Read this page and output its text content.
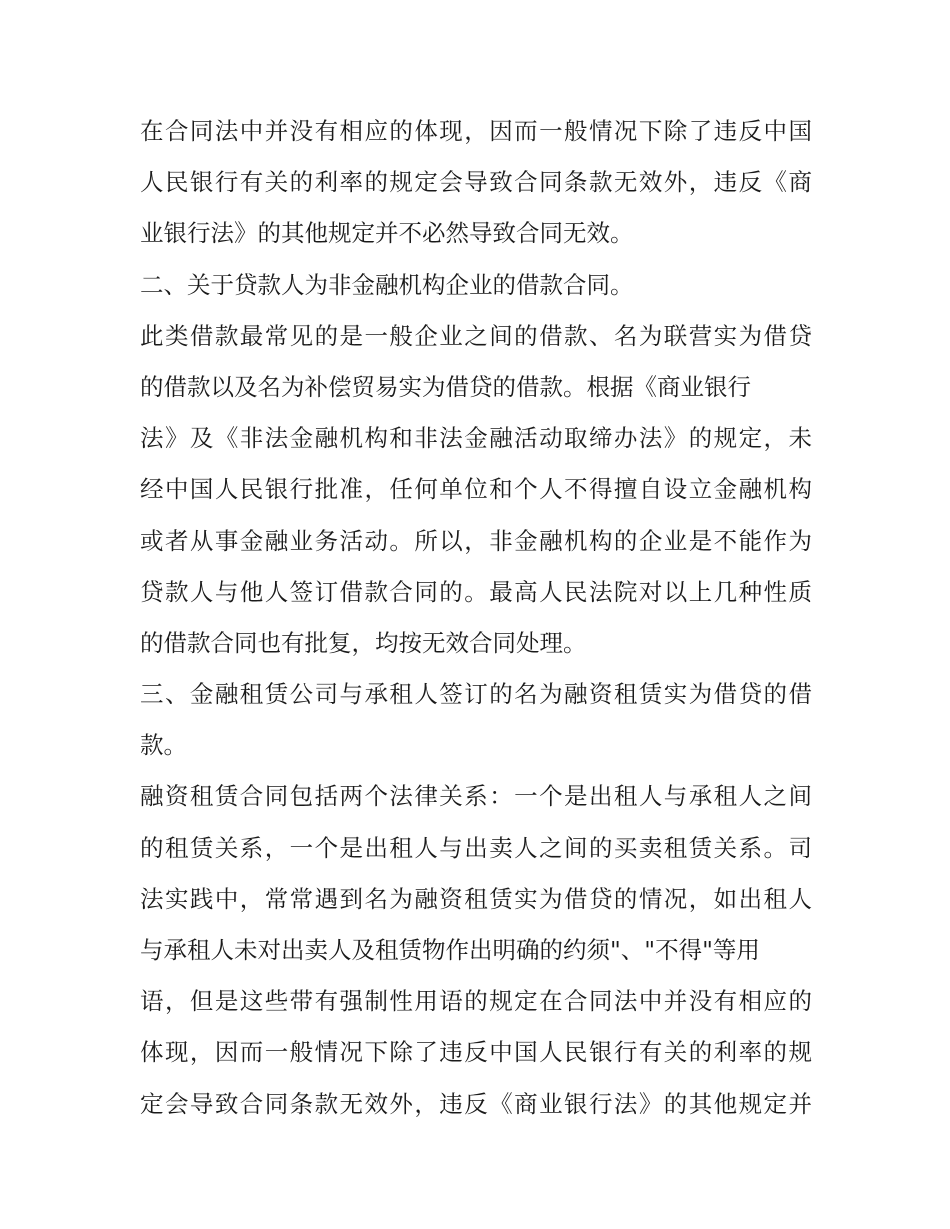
在合同法中并没有相应的体现，因而一般情况下除了违反中国
人民银行有关的利率的规定会导致合同条款无效外，违反《商
业银行法》的其他规定并不必然导致合同无效。
二、关于贷款人为非金融机构企业的借款合同。
此类借款最常见的是一般企业之间的借款、名为联营实为借贷
的借款以及名为补偿贸易实为借贷的借款。根据《商业银行
法》及《非法金融机构和非法金融活动取缔办法》的规定，未
经中国人民银行批准，任何单位和个人不得擅自设立金融机构
或者从事金融业务活动。所以，非金融机构的企业是不能作为
贷款人与他人签订借款合同的。最高人民法院对以上几种性质
的借款合同也有批复，均按无效合同处理。
三、金融租赁公司与承租人签订的名为融资租赁实为借贷的借
款。
融资租赁合同包括两个法律关系：一个是出租人与承租人之间
的租赁关系，一个是出租人与出卖人之间的买卖租赁关系。司
法实践中，常常遇到名为融资租赁实为借贷的情况，如出租人
与承租人未对出卖人及租赁物作出明确的约须"、"不得"等用
语，但是这些带有强制性用语的规定在合同法中并没有相应的
体现，因而一般情况下除了违反中国人民银行有关的利率的规
定会导致合同条款无效外，违反《商业银行法》的其他规定并
